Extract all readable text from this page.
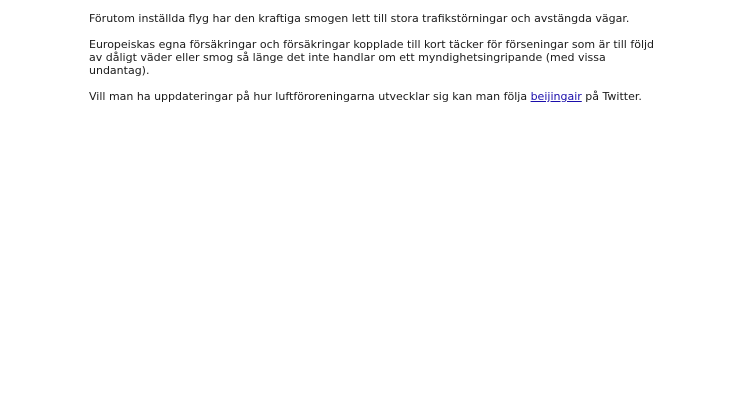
Förutom inställda flyg har den kraftiga smogen lett till stora trafikstörningar och avstängda vägar.

Europeiskas egna försäkringar och försäkringar kopplade till kort täcker för förseningar som är till följd av dåligt väder eller smog så länge det inte handlar om ett myndighetsingripande (med vissa undantag).

Vill man ha uppdateringar på hur luftföroreningarna utvecklar sig kan man följa beijingair på Twitter.
